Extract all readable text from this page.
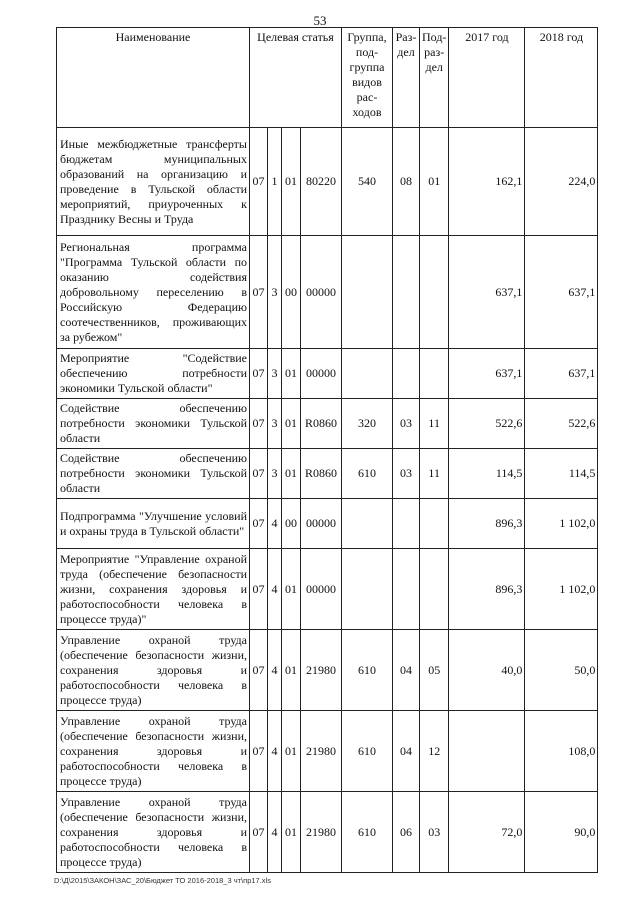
53
Наименование	Целевая статья				Группа, под-группа видов рас-ходов	Раз-дел	Под-раз-дел	2017 год	2018 год
Иные межбюджетные трансферты бюджетам муниципальных образований на организацию и проведение в Тульской области мероприятий, приуроченных к Празднику Весны и Труда	07	1	01	80220	540	08	01	162,1	224,0
Региональная программа "Программа Тульской области по оказанию содействия добровольному переселению в Российскую Федерацию соотечественников, проживающих за рубежом"	07	3	00	00000				637,1	637,1
Мероприятие "Содействие обеспечению потребности экономики Тульской области"	07	3	01	00000				637,1	637,1
Содействие обеспечению потребности экономики Тульской области	07	3	01	R0860	320	03	11	522,6	522,6
Содействие обеспечению потребности экономики Тульской области	07	3	01	R0860	610	03	11	114,5	114,5
Подпрограмма "Улучшение условий и охраны труда в Тульской области"	07	4	00	00000				896,3	1 102,0
Мероприятие "Управление охраной труда (обеспечение безопасности жизни, сохранения здоровья и работоспособности человека в процессе труда)"	07	4	01	00000				896,3	1 102,0
Управление охраной труда (обеспечение безопасности жизни, сохранения здоровья и работоспособности человека в процессе труда)	07	4	01	21980	610	04	05	40,0	50,0
Управление охраной труда (обеспечение безопасности жизни, сохранения здоровья и работоспособности человека в процессе труда)	07	4	01	21980	610	04	12		108,0
Управление охраной труда (обеспечение безопасности жизни, сохранения здоровья и работоспособности человека в процессе труда)	07	4	01	21980	610	06	03	72,0	90,0
D:\Д\2015\ЗАКОН\ЗАС_20\Бюджет ТО 2016-2018_3 чт\пр17.xls
